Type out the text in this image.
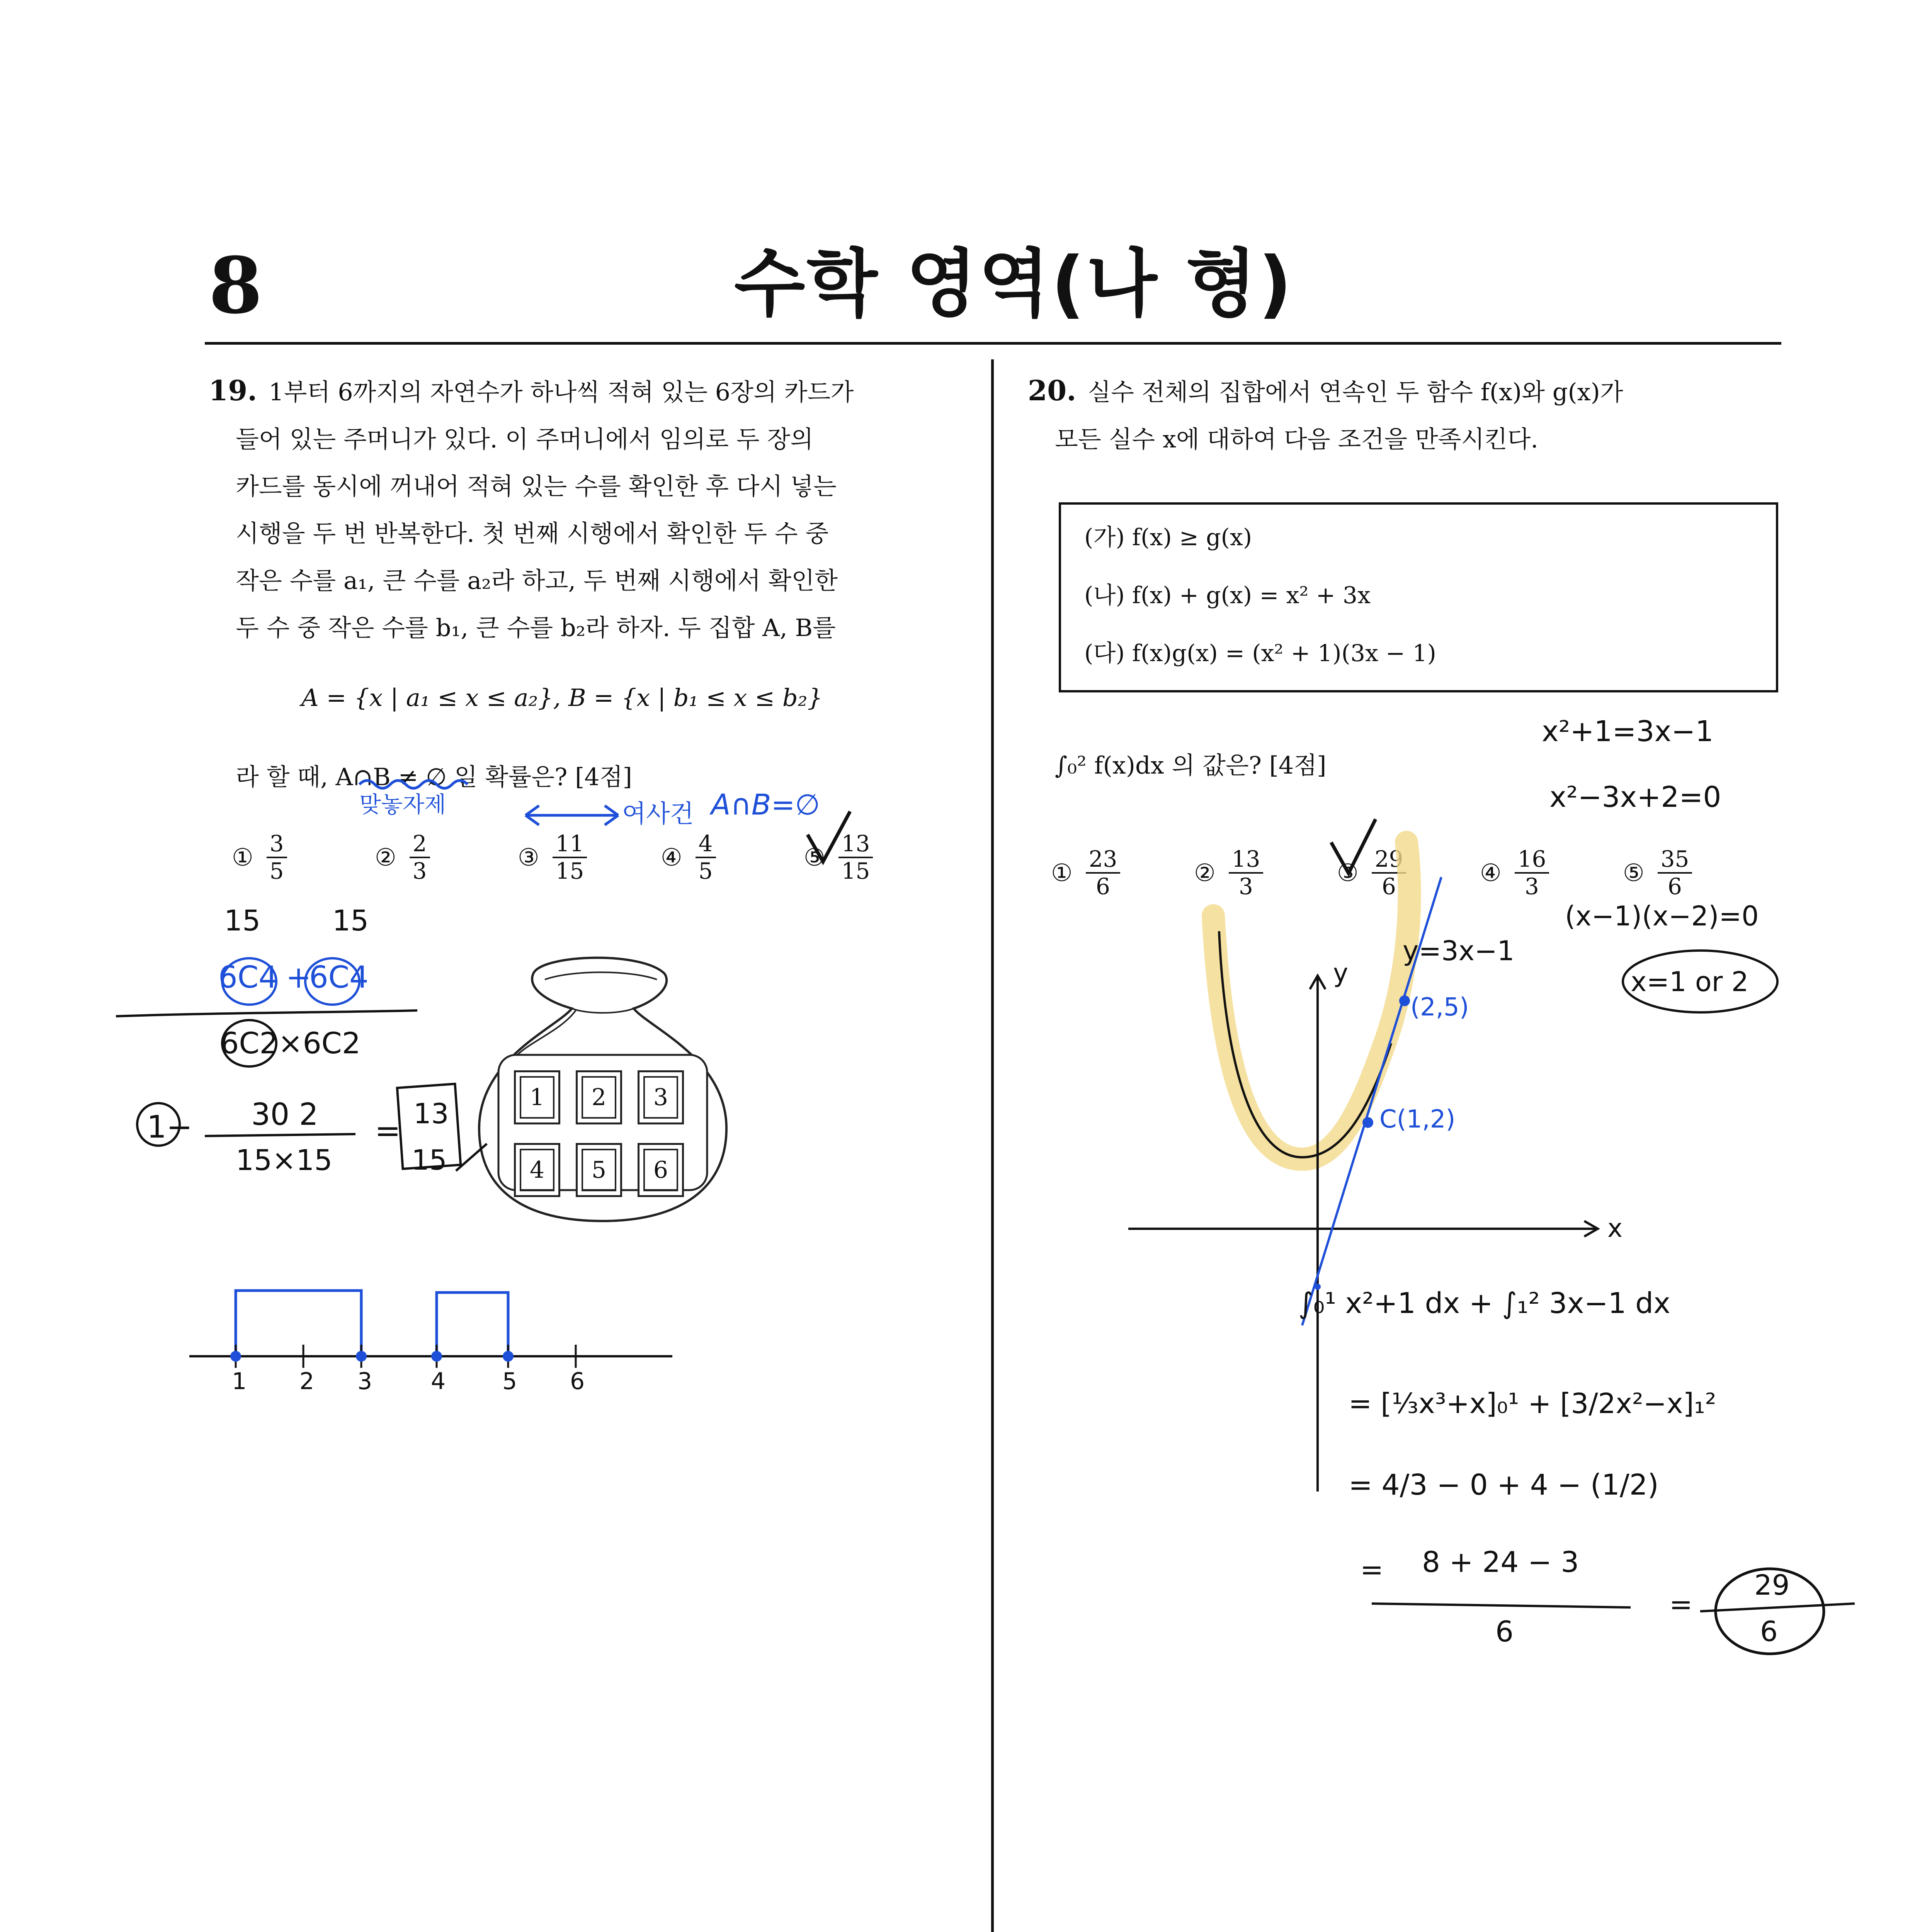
8	수학 영역(나 형)
19. 1부터 6까지의 자연수가 하나씩 적혀 있는 6장의 카드가
들어 있는 주머니가 있다. 이 주머니에서 임의로 두 장의
카드를 동시에 꺼내어 적혀 있는 수를 확인한 후 다시 넣는
시행을 두 번 반복한다. 첫 번째 시행에서 확인한 두 수 중
작은 수를 a₁, 큰 수를 a₂라 하고, 두 번째 시행에서 확인한
두 수 중 작은 수를 b₁, 큰 수를 b₂라 하자. 두 집합 A, B를
A = {x | a₁ ≤ x ≤ a₂}, B = {x | b₁ ≤ x ≤ b₂}
라 할 때, A∩B ≠ ∅ 일 확률은? [4점]
① $\frac{3}{5}$	② $\frac{2}{3}$	③ $\frac{11}{15}$	④ $\frac{4}{5}$	⑤ $\frac{13}{15}$
1	2	3
4	5	6
맞놓자제	여사건 A∩B=∅
15	15
6C4 +
6C4
6C2×6C2
1− 30 2
15×15
= 13
15
1 2 3	4 5 6
20. 실수 전체의 집합에서 연속인 두 함수 f(x)와 g(x)가
모든 실수 x에 대하여 다음 조건을 만족시킨다.
(가) f(x) ≥ g(x)
(나) f(x) + g(x) = x² + 3x
(다) f(x)g(x) = (x² + 1)(3x − 1)
∫₀² f(x)dx 의 값은? [4점]
① $\frac{23}{6}$	② $\frac{13}{3}$	③ $\frac{29}{6}$	④ $\frac{16}{3}$	⑤ $\frac{35}{6}$
x²+1=3x−1
x²−3x+2=0
(x−1)(x−2)=0
x=1 or 2
y=3x−1
y
x
(2,5)
C(1,2)
∫₀¹ x²+1 dx + ∫₁² 3x−1 dx
= [⅓x³+x]₀¹ + [3/2x²−x]₁²
= 4/3 − 0 + 4 − (1/2)
= 8 + 24 − 3
6
=
29
6
